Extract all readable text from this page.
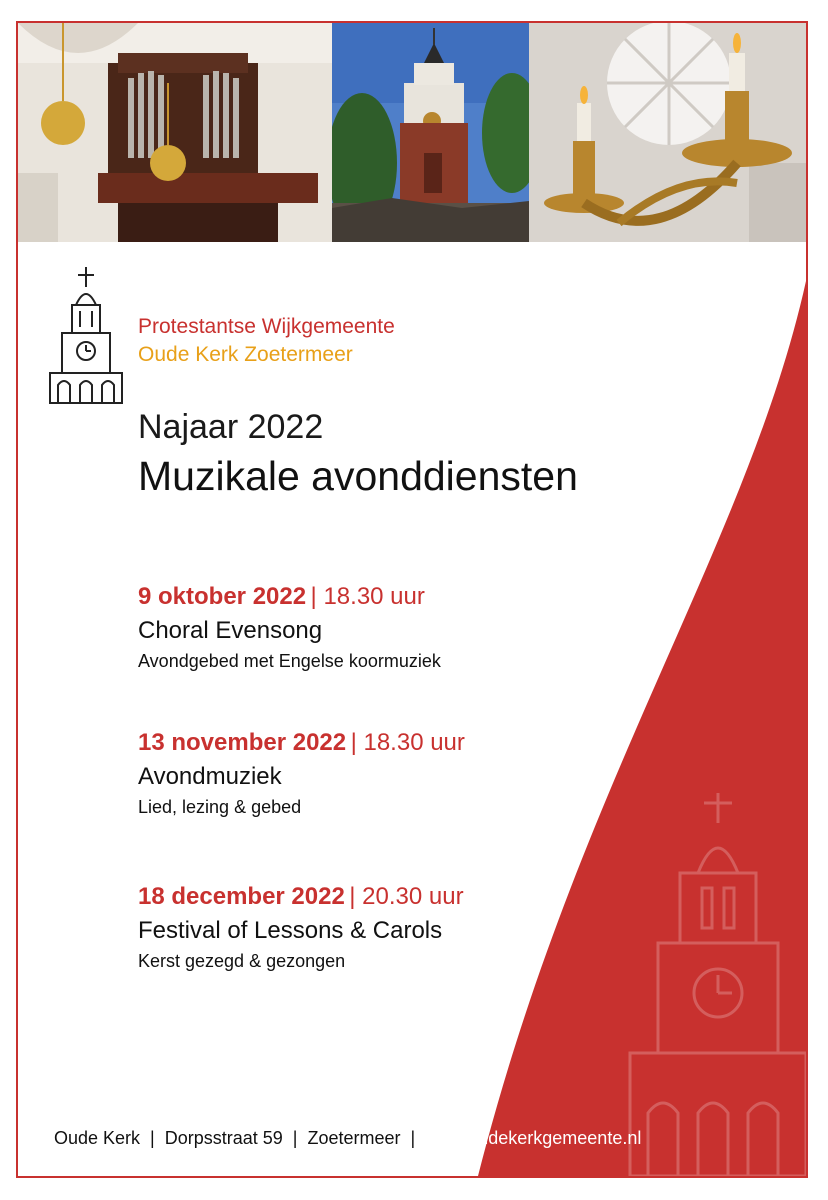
Protestantse Wijkgemeente
Oude Kerk Zoetermeer
Najaar 2022
Muzikale avonddiensten
9 oktober 2022 | 18.30 uur
Choral Evensong
Avondgebed met Engelse koormuziek
13 november 2022 | 18.30 uur
Avondmuziek
Lied, lezing & gebed
18 december 2022 | 20.30 uur
Festival of Lessons & Carols
Kerst gezegd & gezongen
Oude Kerk | Dorpsstraat 59 | Zoetermeer | www.oudekerkgemeente.nl
